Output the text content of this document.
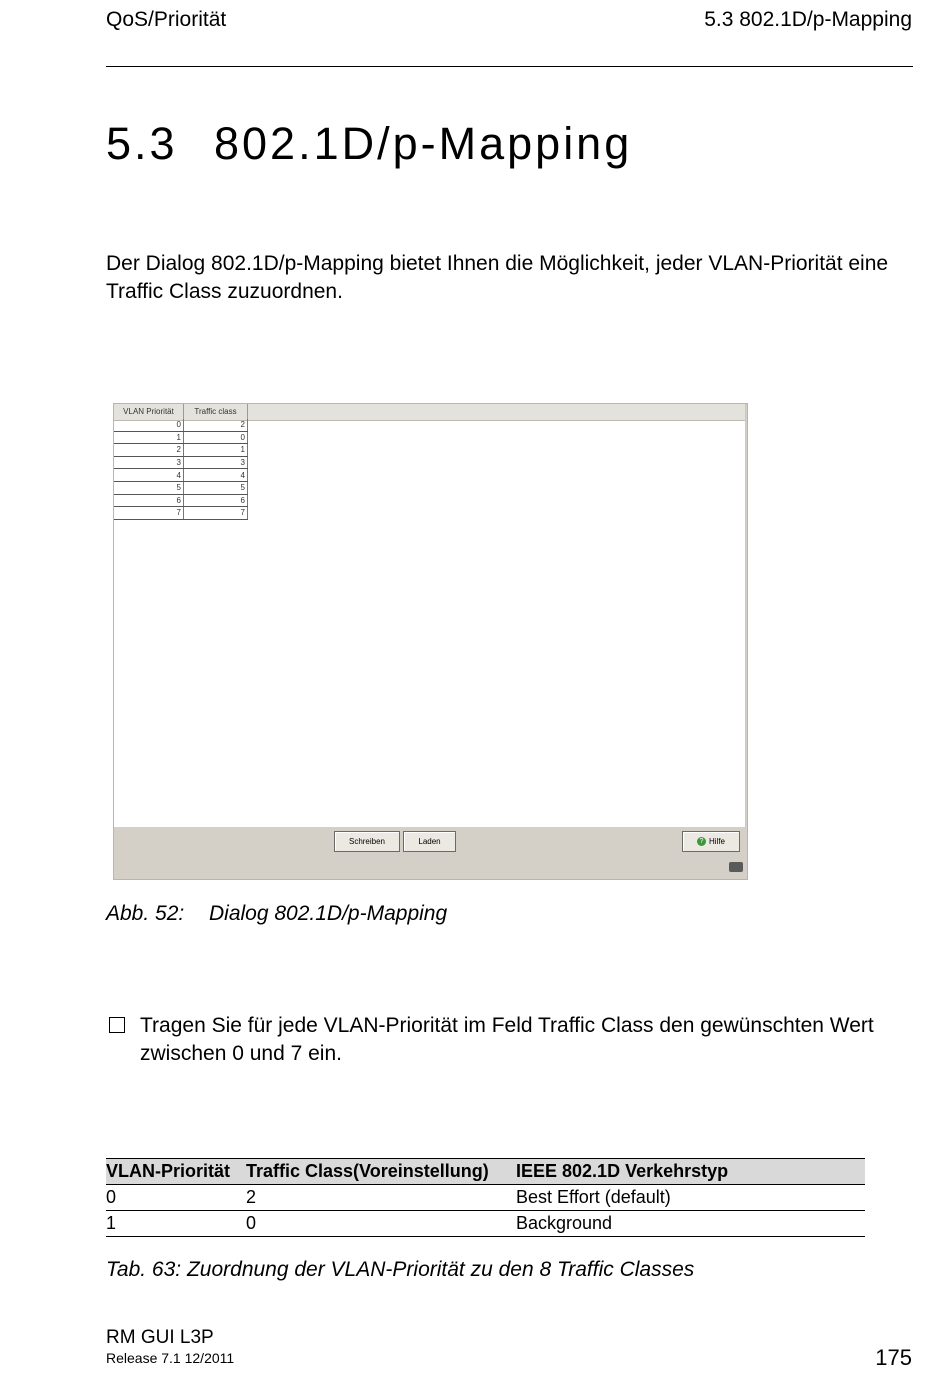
QoS/Priorität	5.3 802.1D/p-Mapping
5.3 802.1D/p-Mapping
Der Dialog 802.1D/p-Mapping bietet Ihnen die Möglichkeit, jeder VLAN-Priorität eine Traffic Class zuzuordnen.
VLAN Priorität	Traffic class
0	2
1	0
2	1
3	3
4	4
5	5
6	6
7	7
Schreiben	Laden	? Hilfe
Abb. 52: Dialog 802.1D/p-Mapping
Tragen Sie für jede VLAN-Priorität im Feld Traffic Class den gewünschten Wert zwischen 0 und 7 ein.
VLAN-Priorität	Traffic Class(Voreinstellung)	IEEE 802.1D Verkehrstyp
0	2	Best Effort (default)
1	0	Background
Tab. 63: Zuordnung der VLAN-Priorität zu den 8 Traffic Classes
RM GUI L3P
Release 7.1 12/2011	175
